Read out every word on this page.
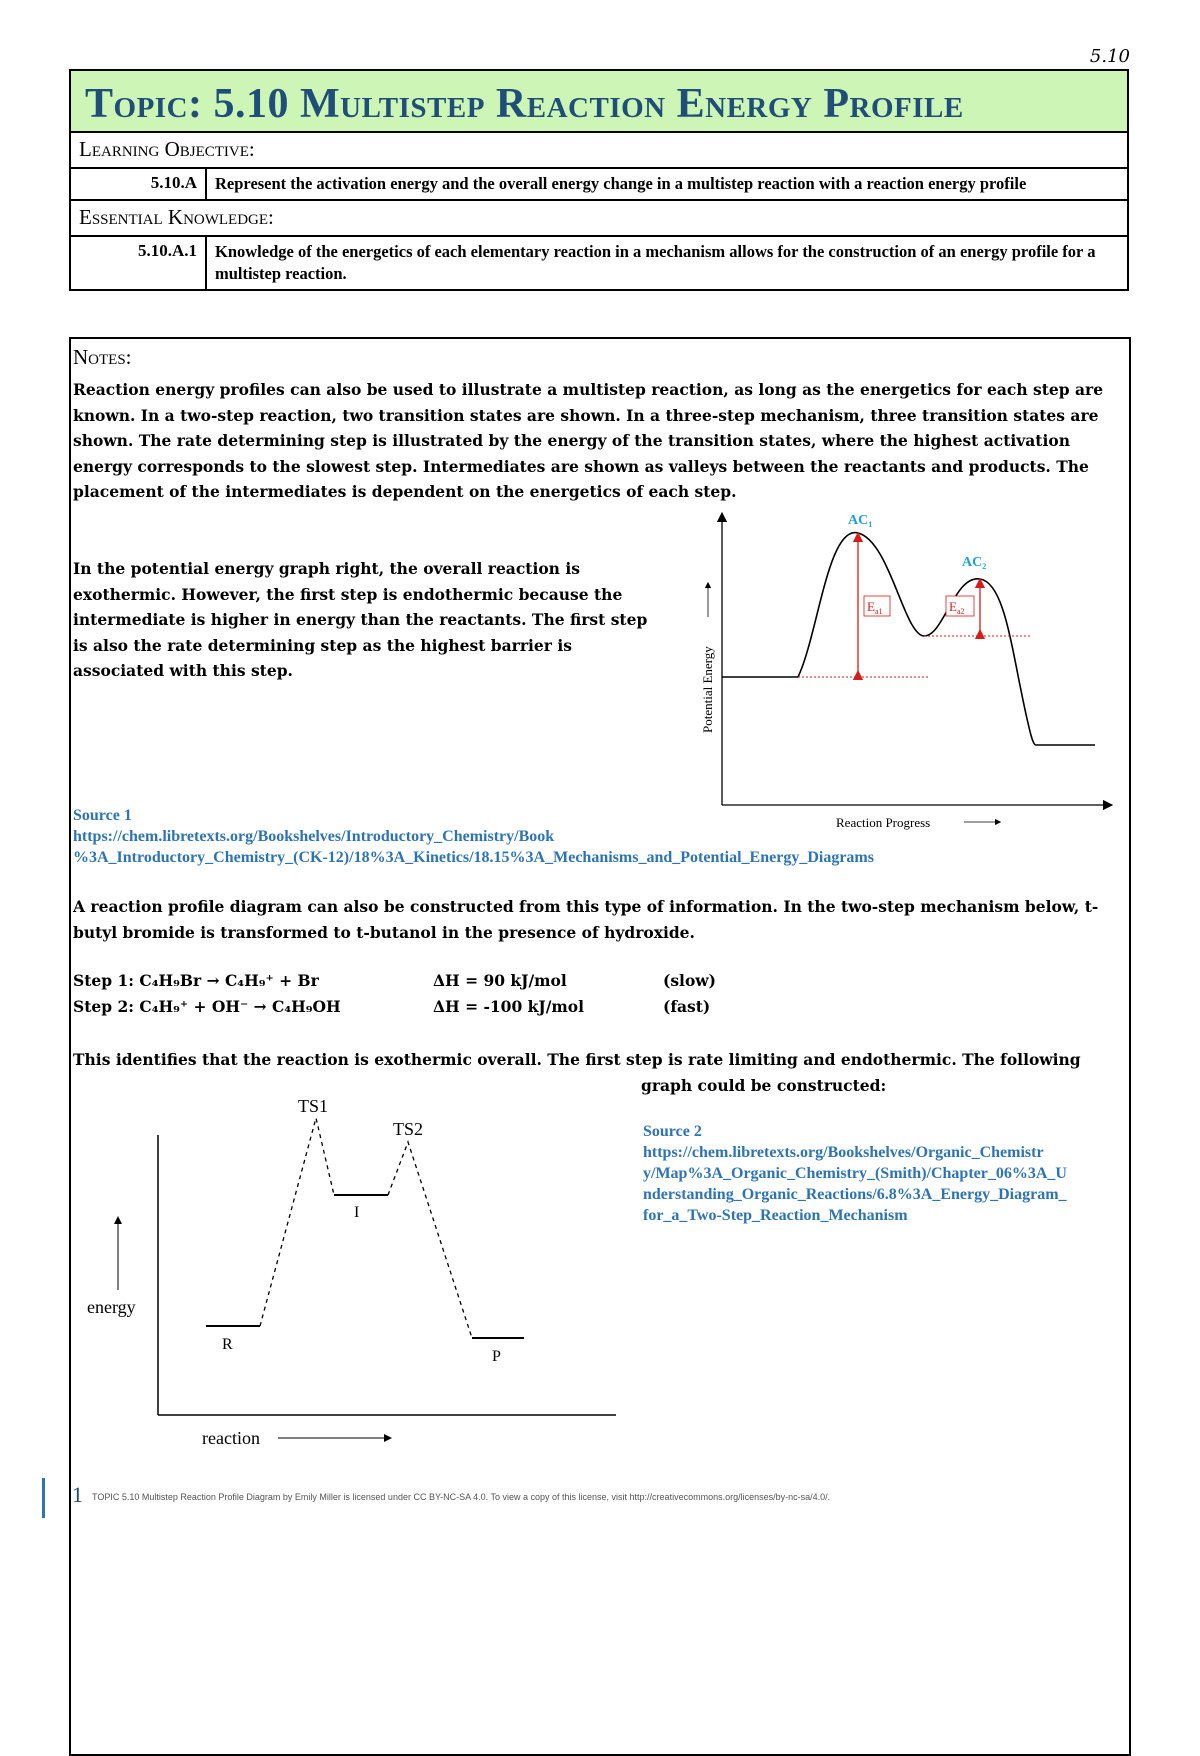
5.10
Topic: 5.10 Multistep Reaction Energy Profile	

Learning Objective:	
5.10.A	Represent the activation energy and the overall energy change in a multistep reaction with a reaction energy profile
Essential Knowledge:	
5.10.A.1	Knowledge of the energetics of each elementary reaction in a mechanism allows for the construction of an energy profile for a multistep reaction.
Notes:
Reaction energy profiles can also be used to illustrate a multistep reaction, as long as the energetics for each step are known. In a two-step reaction, two transition states are shown. In a three-step mechanism, three transition states are shown. The rate determining step is illustrated by the energy of the transition states, where the highest activation energy corresponds to the slowest step. Intermediates are shown as valleys between the reactants and products. The placement of the intermediates is dependent on the energetics of each step.
In the potential energy graph right, the overall reaction is exothermic. However, the first step is endothermic because the intermediate is higher in energy than the reactants. The first step is also the rate determining step as the highest barrier is associated with this step.
Source 1
https://chem.libretexts.org/Bookshelves/Introductory_Chemistry/Book
%3A_Introductory_Chemistry_(CK-12)/18%3A_Kinetics/18.15%3A_Mechanisms_and_Potential_Energy_Diagrams
A reaction profile diagram can also be constructed from this type of information. In the two-step mechanism below, t-butyl bromide is transformed to t-butanol in the presence of hydroxide.
Step 1: C₄H₉Br → C₄H₉⁺ + Br	ΔH = 90 kJ/mol	(slow)
Step 2: C₄H₉⁺ + OH⁻ → C₄H₉OH	ΔH = -100 kJ/mol	(fast)
This identifies that the reaction is exothermic overall. The first step is rate limiting and endothermic. The following
graph could be constructed:
Source 2
https://chem.libretexts.org/Bookshelves/Organic_Chemistr
y/Map%3A_Organic_Chemistry_(Smith)/Chapter_06%3A_U
nderstanding_Organic_Reactions/6.8%3A_Energy_Diagram_
for_a_Two-Step_Reaction_Mechanism
$E_{a1}$	$E_{a2}$
$AC_1$
$AC_2$
Potential Energy
Reaction Progress
TS1
TS2
I
R
P
energy
reaction
1 TOPIC 5.10 Multistep Reaction Profile Diagram by Emily Miller is licensed under CC BY-NC-SA 4.0. To view a copy of this license, visit http://creativecommons.org/licenses/by-nc-sa/4.0/.
